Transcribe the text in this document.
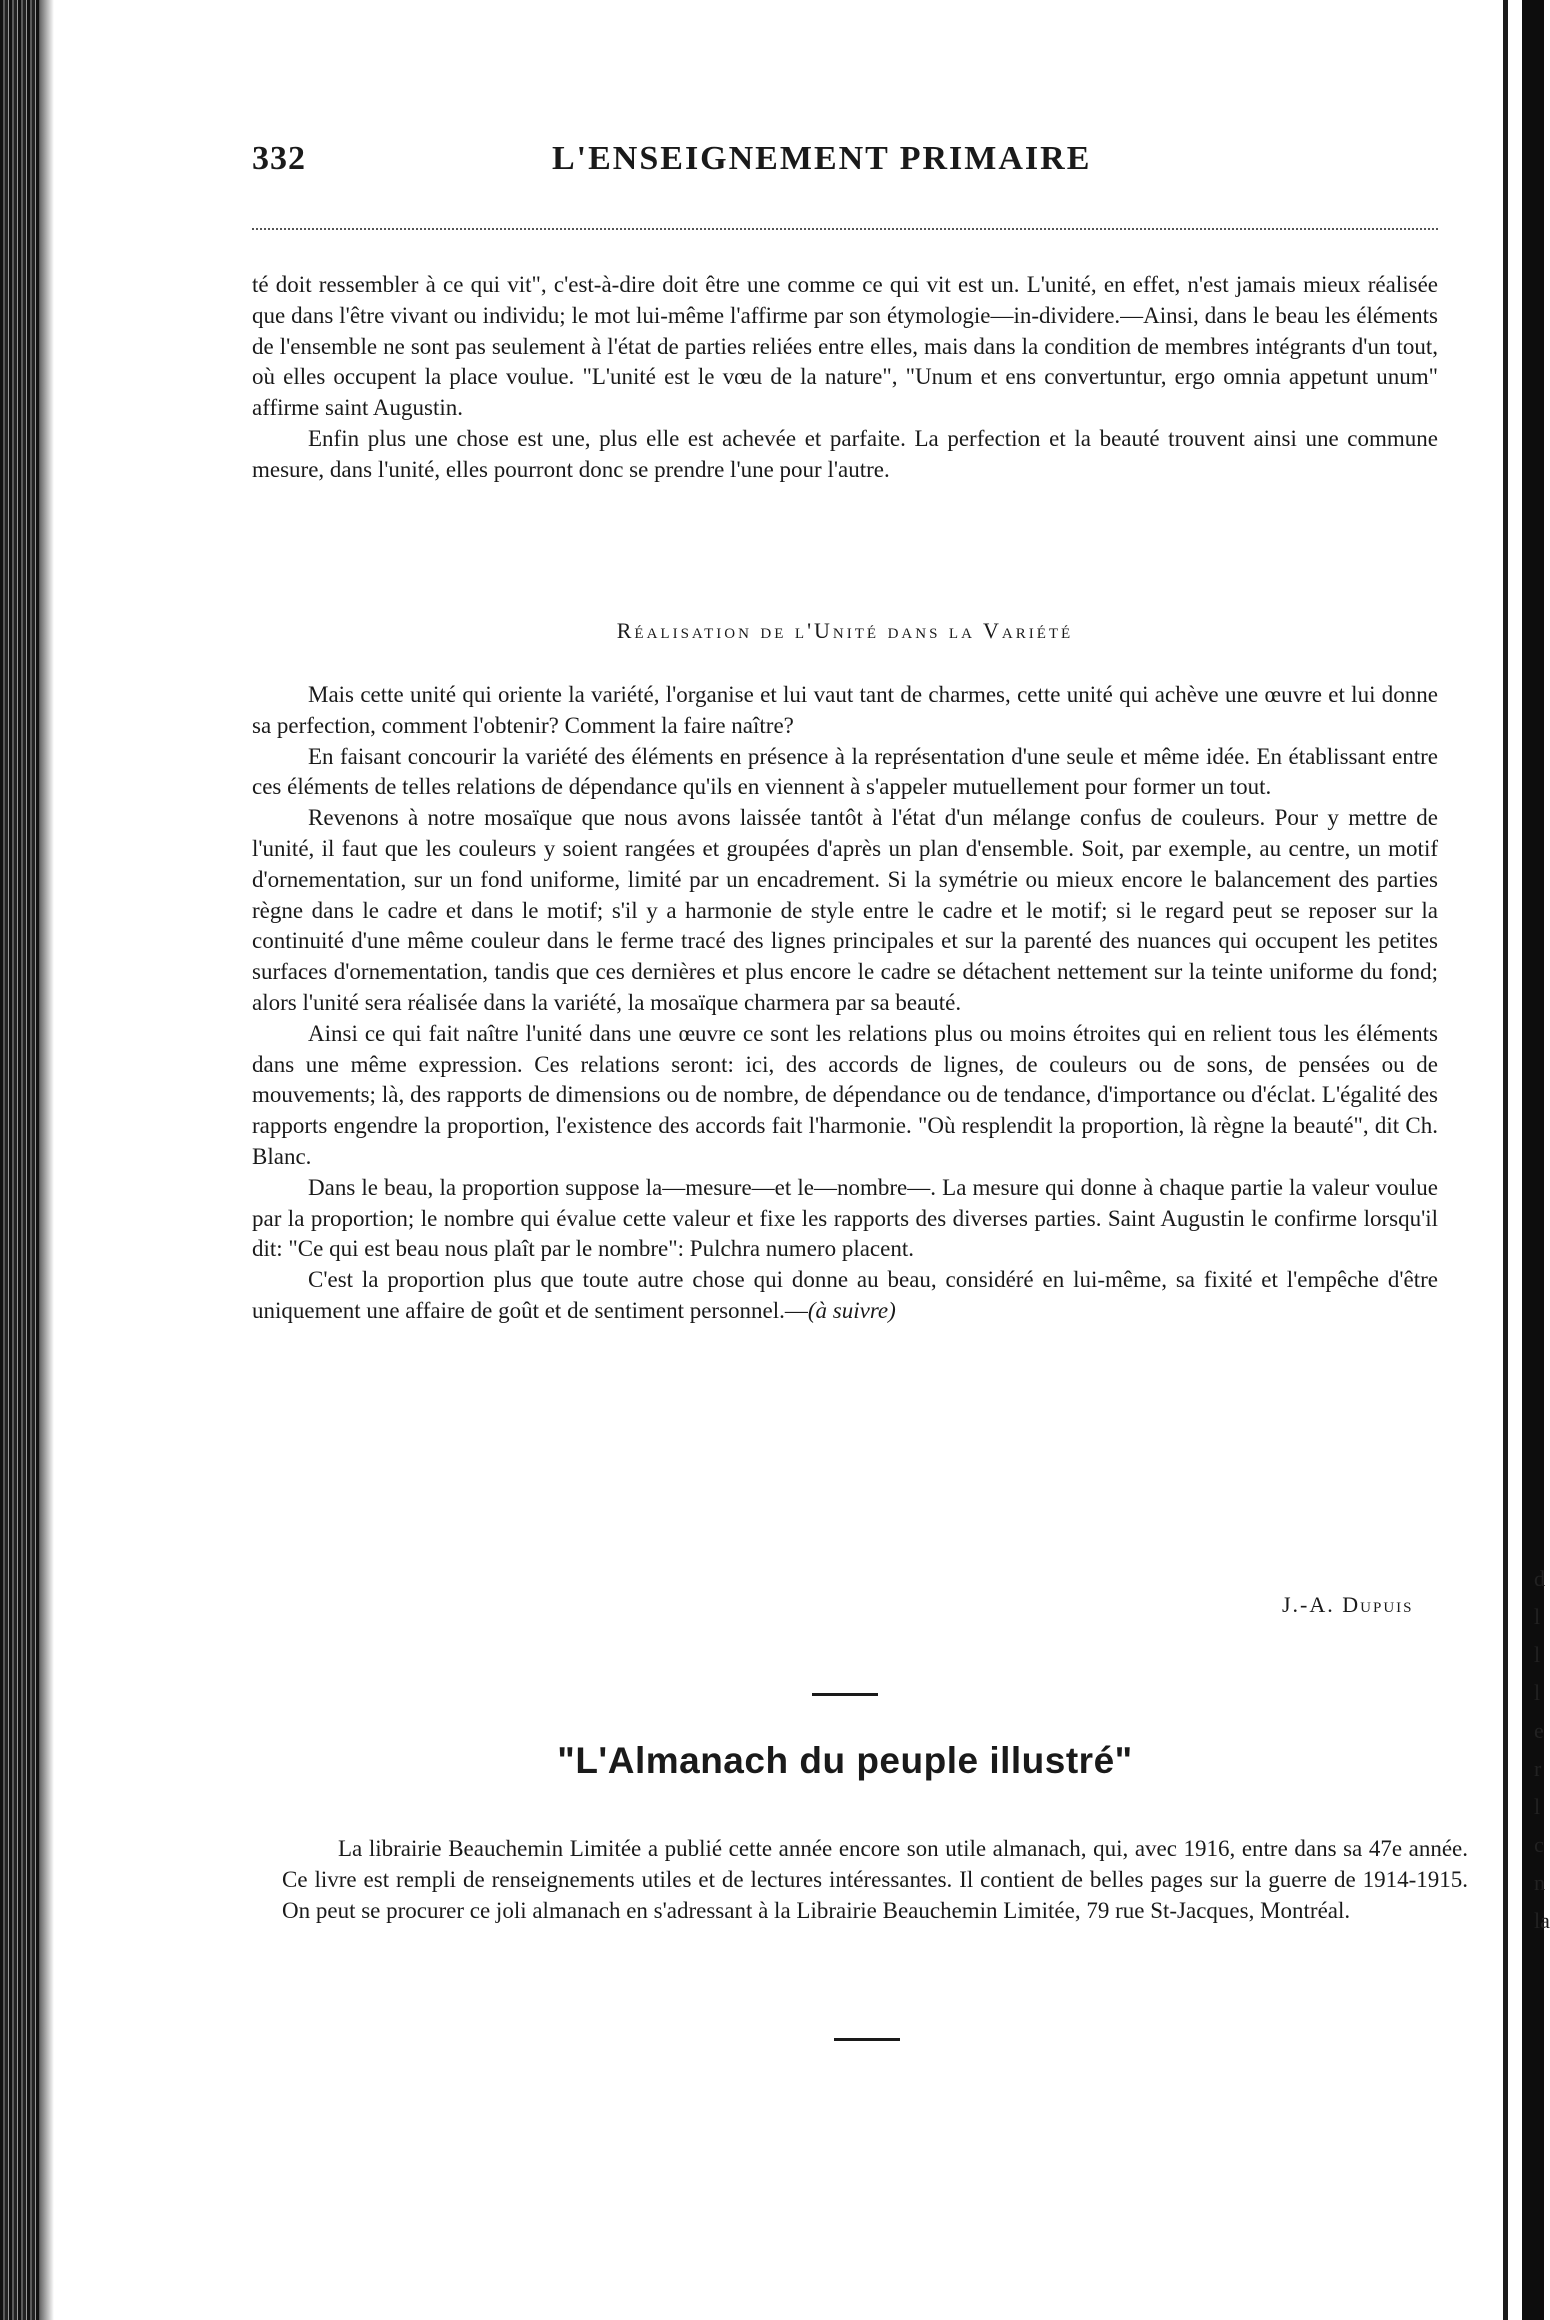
d
l
l
l
e
r
l
c
n
la
332	L'ENSEIGNEMENT PRIMAIRE

té doit ressembler à ce qui vit", c'est-à-dire doit être une comme ce qui vit est un. L'unité, en effet, n'est jamais mieux réalisée que dans l'être vivant ou individu; le mot lui-même l'affirme par son étymologie—in-dividere.—Ainsi, dans le beau les éléments de l'ensemble ne sont pas seulement à l'état de parties reliées entre elles, mais dans la condition de membres intégrants d'un tout, où elles occupent la place voulue. "L'unité est le vœu de la nature", "Unum et ens convertuntur, ergo omnia appetunt unum" affirme saint Augustin.

Enfin plus une chose est une, plus elle est achevée et parfaite. La perfection et la beauté trouvent ainsi une commune mesure, dans l'unité, elles pourront donc se prendre l'une pour l'autre.

Réalisation de l'Unité dans la Variété

Mais cette unité qui oriente la variété, l'organise et lui vaut tant de charmes, cette unité qui achève une œuvre et lui donne sa perfection, comment l'obtenir? Comment la faire naître?

En faisant concourir la variété des éléments en présence à la représentation d'une seule et même idée. En établissant entre ces éléments de telles relations de dépendance qu'ils en viennent à s'appeler mutuellement pour former un tout.

Revenons à notre mosaïque que nous avons laissée tantôt à l'état d'un mélange confus de couleurs. Pour y mettre de l'unité, il faut que les couleurs y soient rangées et groupées d'après un plan d'ensemble. Soit, par exemple, au centre, un motif d'ornementation, sur un fond uniforme, limité par un encadrement. Si la symétrie ou mieux encore le balancement des parties règne dans le cadre et dans le motif; s'il y a harmonie de style entre le cadre et le motif; si le regard peut se reposer sur la continuité d'une même couleur dans le ferme tracé des lignes principales et sur la parenté des nuances qui occupent les petites surfaces d'ornementation, tandis que ces dernières et plus encore le cadre se détachent nettement sur la teinte uniforme du fond; alors l'unité sera réalisée dans la variété, la mosaïque charmera par sa beauté.

Ainsi ce qui fait naître l'unité dans une œuvre ce sont les relations plus ou moins étroites qui en relient tous les éléments dans une même expression. Ces relations seront: ici, des accords de lignes, de couleurs ou de sons, de pensées ou de mouvements; là, des rapports de dimensions ou de nombre, de dépendance ou de tendance, d'importance ou d'éclat. L'égalité des rapports engendre la proportion, l'existence des accords fait l'harmonie. "Où resplendit la proportion, là règne la beauté", dit Ch. Blanc.

Dans le beau, la proportion suppose la—mesure—et le—nombre—. La mesure qui donne à chaque partie la valeur voulue par la proportion; le nombre qui évalue cette valeur et fixe les rapports des diverses parties. Saint Augustin le confirme lorsqu'il dit: "Ce qui est beau nous plaît par le nombre": Pulchra numero placent.

C'est la proportion plus que toute autre chose qui donne au beau, considéré en lui-même, sa fixité et l'empêche d'être uniquement une affaire de goût et de sentiment personnel.—(à suivre)

J.-A. Dupuis
"L'Almanach du peuple illustré"

La librairie Beauchemin Limitée a publié cette année encore son utile almanach, qui, avec 1916, entre dans sa 47e année. Ce livre est rempli de renseignements utiles et de lectures intéressantes. Il contient de belles pages sur la guerre de 1914-1915. On peut se procurer ce joli almanach en s'adressant à la Librairie Beauchemin Limitée, 79 rue St-Jacques, Montréal.
